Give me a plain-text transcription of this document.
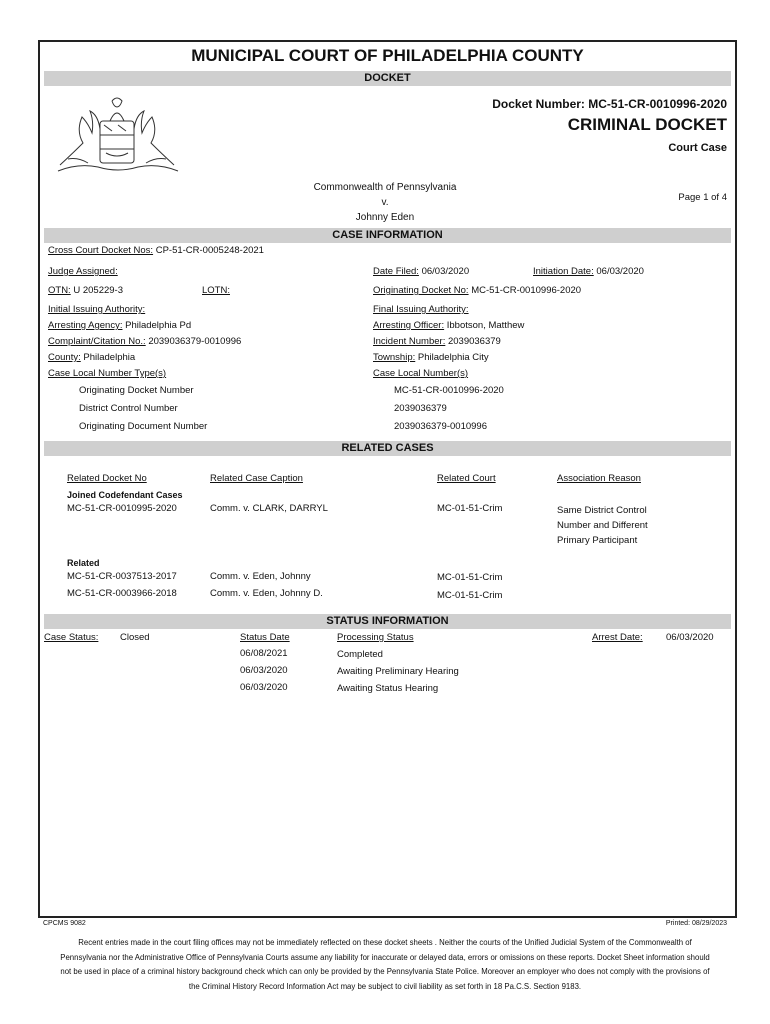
MUNICIPAL COURT OF PHILADELPHIA COUNTY
DOCKET
Docket Number: MC-51-CR-0010996-2020
CRIMINAL DOCKET
Court Case
Commonwealth of Pennsylvania
v.
Johnny Eden
Page 1 of 4
CASE INFORMATION
Cross Court Docket Nos: CP-51-CR-0005248-2021
Judge Assigned:	Date Filed: 06/03/2020	Initiation Date: 06/03/2020
OTN: U 205229-3	LOTN:	Originating Docket No: MC-51-CR-0010996-2020
Initial Issuing Authority:	Final Issuing Authority:
Arresting Agency: Philadelphia Pd	Arresting Officer: Ibbotson, Matthew
Complaint/Citation No.: 2039036379-0010996	Incident Number: 2039036379
County: Philadelphia	Township: Philadelphia City
Case Local Number Type(s)	Case Local Number(s)
Originating Docket Number	MC-51-CR-0010996-2020
District Control Number	2039036379
Originating Document Number	2039036379-0010996
RELATED CASES
Related Docket No	Related Case Caption	Related Court	Association Reason
Joined Codefendant Cases
MC-51-CR-0010995-2020	Comm. v. CLARK, DARRYL	MC-01-51-Crim	Same District Control
Number and Different
Primary Participant
Related
MC-51-CR-0037513-2017	Comm. v. Eden, Johnny	MC-01-51-Crim
MC-51-CR-0003966-2018	Comm. v. Eden, Johnny D.	MC-01-51-Crim
STATUS INFORMATION
Case Status: Closed	Status Date	Processing Status	Arrest Date: 06/03/2020
06/08/2021	Completed
06/03/2020	Awaiting Preliminary Hearing
06/03/2020	Awaiting Status Hearing
CPCMS 9082	Printed: 08/29/2023
Recent entries made in the court filing offices may not be immediately reflected on these docket sheets . Neither the courts of the Unified Judicial System of the Commonwealth of Pennsylvania nor the Administrative Office of Pennsylvania Courts assume any liability for inaccurate or delayed data, errors or omissions on these reports. Docket Sheet information should not be used in place of a criminal history background check which can only be provided by the Pennsylvania State Police. Moreover an employer who does not comply with the provisions of the Criminal History Record Information Act may be subject to civil liability as set forth in 18 Pa.C.S. Section 9183.
